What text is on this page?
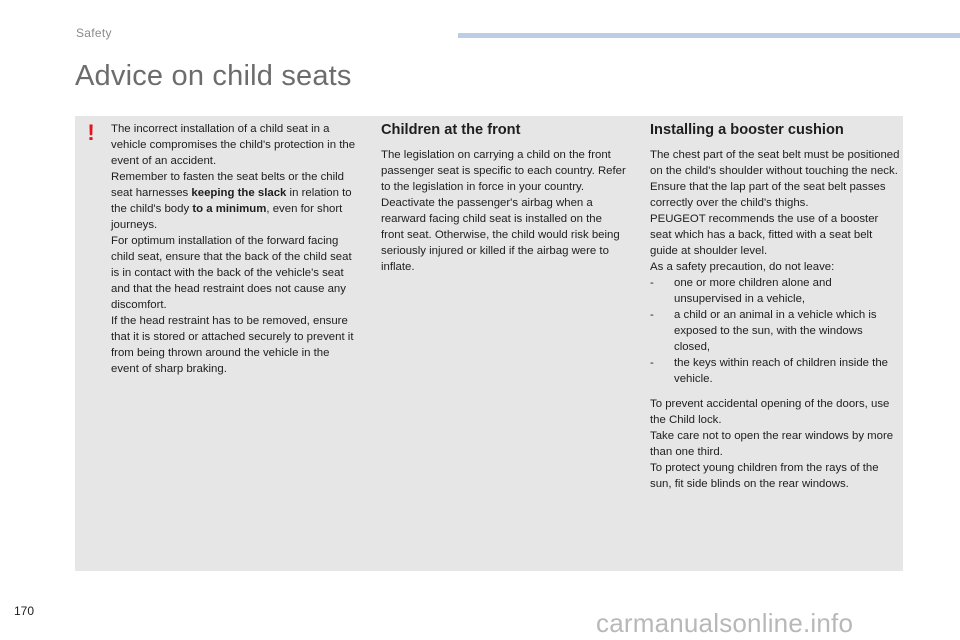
Safety
Advice on child seats
! The incorrect installation of a child seat in a vehicle compromises the child's protection in the event of an accident.

Remember to fasten the seat belts or the child seat harnesses keeping the slack in relation to the child's body to a minimum, even for short journeys.

For optimum installation of the forward facing child seat, ensure that the back of the child seat is in contact with the back of the vehicle's seat and that the head restraint does not cause any discomfort.

If the head restraint has to be removed, ensure that it is stored or attached securely to prevent it from being thrown around the vehicle in the event of sharp braking.

Children at the front

The legislation on carrying a child on the front passenger seat is specific to each country. Refer to the legislation in force in your country.

Deactivate the passenger's airbag when a rearward facing child seat is installed on the front seat. Otherwise, the child would risk being seriously injured or killed if the airbag were to inflate.

Installing a booster cushion

The chest part of the seat belt must be positioned on the child's shoulder without touching the neck.

Ensure that the lap part of the seat belt passes correctly over the child's thighs.

PEUGEOT recommends the use of a booster seat which has a back, fitted with a seat belt guide at shoulder level.

As a safety precaution, do not leave:

- one or more children alone and unsupervised in a vehicle,
- a child or an animal in a vehicle which is exposed to the sun, with the windows closed,
- the keys within reach of children inside the vehicle.

To prevent accidental opening of the doors, use the Child lock.

Take care not to open the rear windows by more than one third.

To protect young children from the rays of the sun, fit side blinds on the rear windows.

170	carmanualsonline.info
